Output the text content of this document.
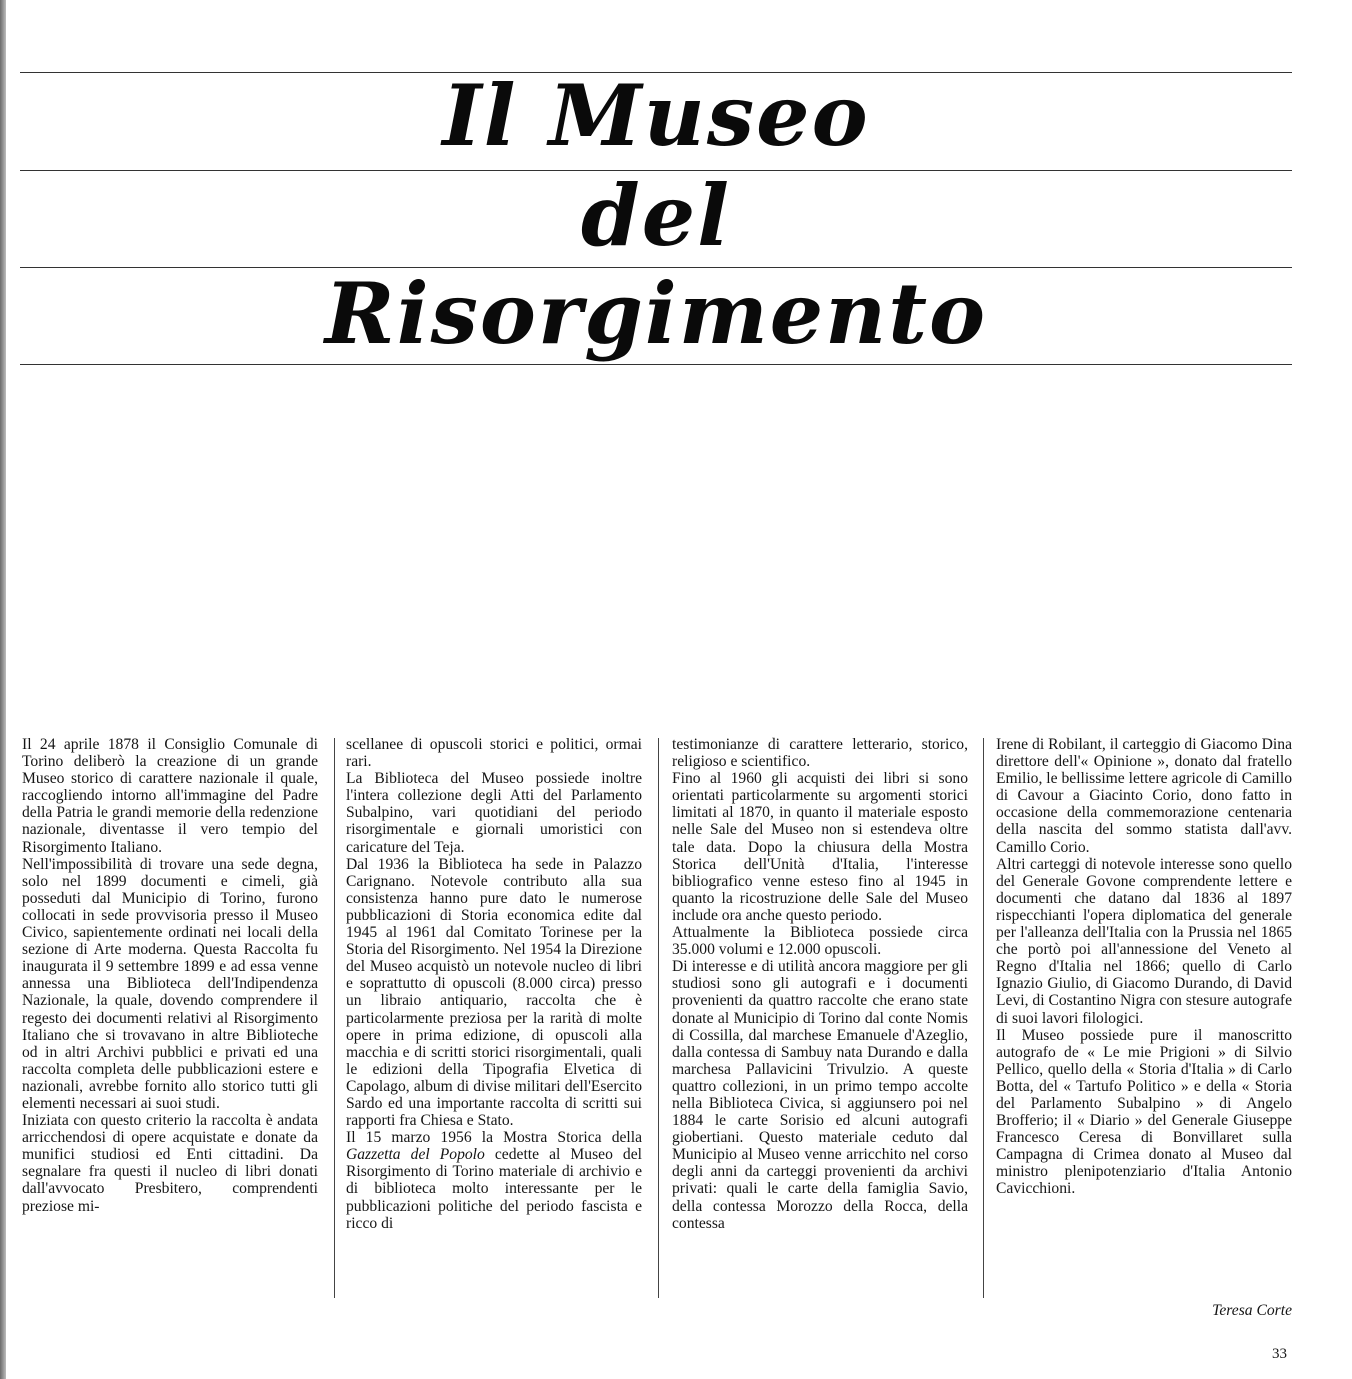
Il Museo
del
Risorgimento

Il 24 aprile 1878 il Consiglio Comunale di Torino deliberò la creazione di un grande Museo storico di carattere nazionale il quale, raccogliendo intorno all'immagine del Padre della Patria le grandi memorie della redenzione nazionale, diventasse il vero tempio del Risorgimento Italiano.

Nell'impossibilità di trovare una sede degna, solo nel 1899 documenti e cimeli, già posseduti dal Municipio di Torino, furono collocati in sede provvisoria presso il Museo Civico, sapientemente ordinati nei locali della sezione di Arte moderna. Questa Raccolta fu inaugurata il 9 settembre 1899 e ad essa venne annessa una Biblioteca dell'Indipendenza Nazionale, la quale, dovendo comprendere il regesto dei documenti relativi al Risorgimento Italiano che si trovavano in altre Biblioteche od in altri Archivi pubblici e privati ed una raccolta completa delle pubblicazioni estere e nazionali, avrebbe fornito allo storico tutti gli elementi necessari ai suoi studi.

Iniziata con questo criterio la raccolta è andata arricchendosi di opere acquistate e donate da munifici studiosi ed Enti cittadini. Da segnalare fra questi il nucleo di libri donati dall'avvocato Presbitero, comprendenti preziose mi-

scellanee di opuscoli storici e politici, ormai rari.

La Biblioteca del Museo possiede inoltre l'intera collezione degli Atti del Parlamento Subalpino, vari quotidiani del periodo risorgimentale e giornali umoristici con caricature del Teja.

Dal 1936 la Biblioteca ha sede in Palazzo Carignano. Notevole contributo alla sua consistenza hanno pure dato le numerose pubblicazioni di Storia economica edite dal 1945 al 1961 dal Comitato Torinese per la Storia del Risorgimento. Nel 1954 la Direzione del Museo acquistò un notevole nucleo di libri e soprattutto di opuscoli (8.000 circa) presso un libraio antiquario, raccolta che è particolarmente preziosa per la rarità di molte opere in prima edizione, di opuscoli alla macchia e di scritti storici risorgimentali, quali le edizioni della Tipografia Elvetica di Capolago, album di divise militari dell'Esercito Sardo ed una importante raccolta di scritti sui rapporti fra Chiesa e Stato.

Il 15 marzo 1956 la Mostra Storica della Gazzetta del Popolo cedette al Museo del Risorgimento di Torino materiale di archivio e di biblioteca molto interessante per le pubblicazioni politiche del periodo fascista e ricco di

testimonianze di carattere letterario, storico, religioso e scientifico.

Fino al 1960 gli acquisti dei libri si sono orientati particolarmente su argomenti storici limitati al 1870, in quanto il materiale esposto nelle Sale del Museo non si estendeva oltre tale data. Dopo la chiusura della Mostra Storica dell'Unità d'Italia, l'interesse bibliografico venne esteso fino al 1945 in quanto la ricostruzione delle Sale del Museo include ora anche questo periodo.

Attualmente la Biblioteca possiede circa 35.000 volumi e 12.000 opuscoli.

Di interesse e di utilità ancora maggiore per gli studiosi sono gli autografi e i documenti provenienti da quattro raccolte che erano state donate al Municipio di Torino dal conte Nomis di Cossilla, dal marchese Emanuele d'Azeglio, dalla contessa di Sambuy nata Durando e dalla marchesa Pallavicini Trivulzio. A queste quattro collezioni, in un primo tempo accolte nella Biblioteca Civica, si aggiunsero poi nel 1884 le carte Sorisio ed alcuni autografi giobertiani. Questo materiale ceduto dal Municipio al Museo venne arricchito nel corso degli anni da carteggi provenienti da archivi privati: quali le carte della famiglia Savio, della contessa Morozzo della Rocca, della contessa

Irene di Robilant, il carteggio di Giacomo Dina direttore dell'« Opinione », donato dal fratello Emilio, le bellissime lettere agricole di Camillo di Cavour a Giacinto Corio, dono fatto in occasione della commemorazione centenaria della nascita del sommo statista dall'avv. Camillo Corio.

Altri carteggi di notevole interesse sono quello del Generale Govone comprendente lettere e documenti che datano dal 1836 al 1897 rispecchianti l'opera diplomatica del generale per l'alleanza dell'Italia con la Prussia nel 1865 che portò poi all'annessione del Veneto al Regno d'Italia nel 1866; quello di Carlo Ignazio Giulio, di Giacomo Durando, di David Levi, di Costantino Nigra con stesure autografe di suoi lavori filologici.

Il Museo possiede pure il manoscritto autografo de « Le mie Prigioni » di Silvio Pellico, quello della « Storia d'Italia » di Carlo Botta, del « Tartufo Politico » e della « Storia del Parlamento Subalpino » di Angelo Brofferio; il « Diario » del Generale Giuseppe Francesco Ceresa di Bonvillaret sulla Campagna di Crimea donato al Museo dal ministro plenipotenziario d'Italia Antonio Cavicchioni.

Teresa Corte
33
